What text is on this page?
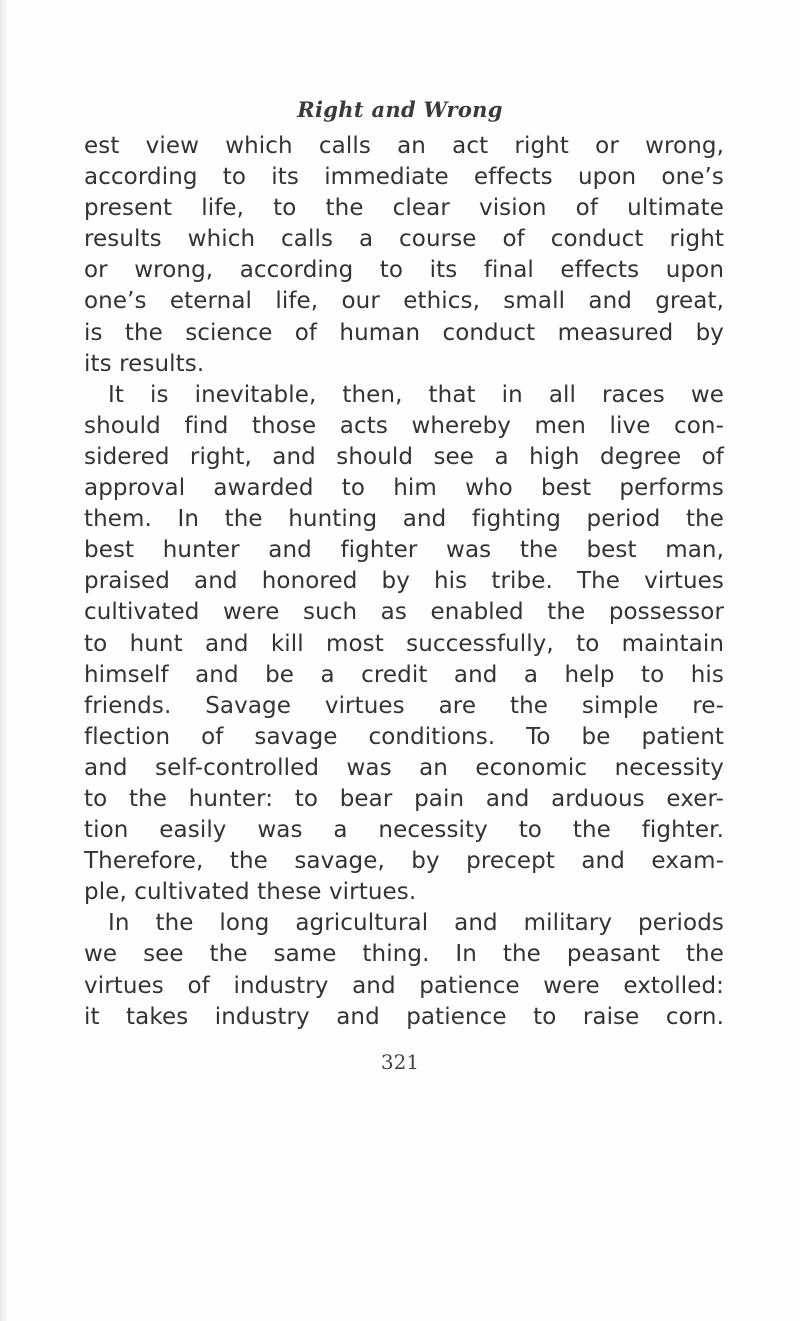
Right and Wrong
est view which calls an act right or wrong,
according to its immediate effects upon one’s
present life, to the clear vision of ultimate
results which calls a course of conduct right
or wrong, according to its final effects upon
one’s eternal life, our ethics, small and great,
is the science of human conduct measured by
its results.
It is inevitable, then, that in all races we
should find those acts whereby men live con-
sidered right, and should see a high degree of
approval awarded to him who best performs
them. In the hunting and fighting period the
best hunter and fighter was the best man,
praised and honored by his tribe. The virtues
cultivated were such as enabled the possessor
to hunt and kill most successfully, to maintain
himself and be a credit and a help to his
friends. Savage virtues are the simple re-
flection of savage conditions. To be patient
and self-controlled was an economic necessity
to the hunter: to bear pain and arduous exer-
tion easily was a necessity to the fighter.
Therefore, the savage, by precept and exam-
ple, cultivated these virtues.
In the long agricultural and military periods
we see the same thing. In the peasant the
virtues of industry and patience were extolled:
it takes industry and patience to raise corn.
321
